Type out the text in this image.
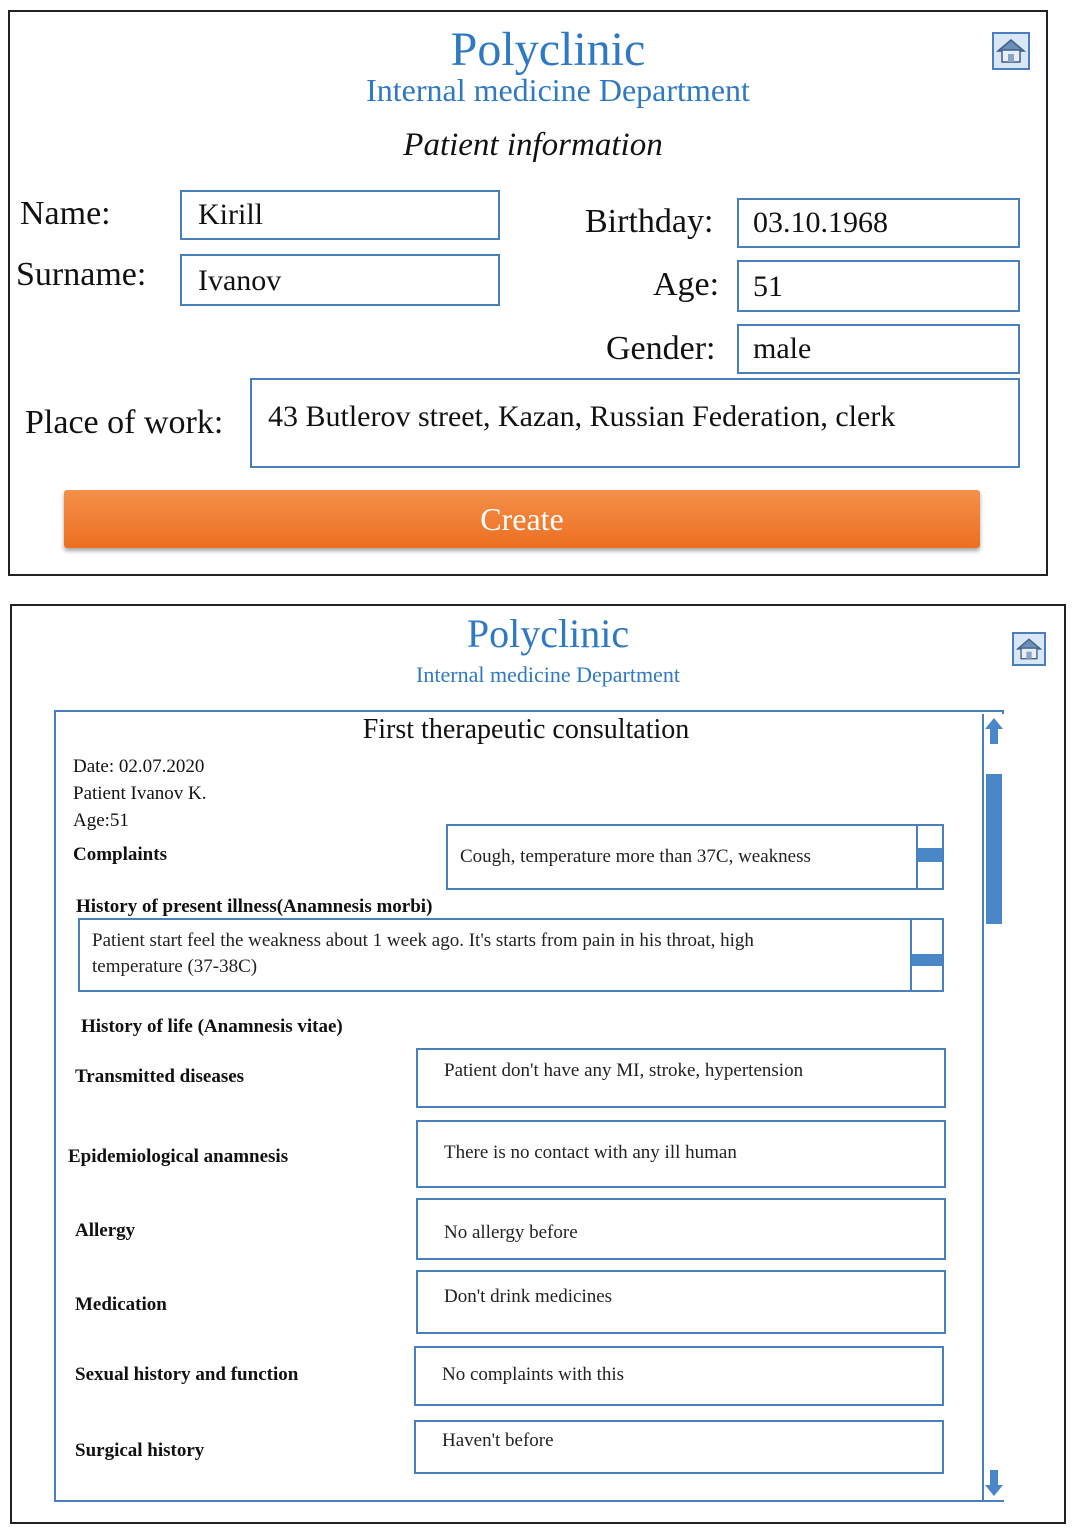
Polyclinic
Internal medicine Department
Patient information
Name:	Kirill
Surname:	Ivanov
Birthday:	03.10.1968
Age:	51
Gender:	male
Place of work:	43 Butlerov street, Kazan, Russian Federation, clerk
Create
Polyclinic
Internal medicine Department
First therapeutic consultation
Date: 02.07.2020
Patient Ivanov K.
Age:51
Complaints	Cough, temperature more than 37C, weakness
History of present illness(Anamnesis morbi)
Patient start feel the weakness about 1 week ago. It's starts from pain in his throat, high
temperature (37-38C)
History of life (Anamnesis vitae)
Transmitted diseases	Patient don't have any MI, stroke, hypertension
Epidemiological anamnesis	There is no contact with any ill human
Allergy	No allergy before
Medication	Don't drink medicines
Sexual history and function	No complaints with this
Surgical history	Haven't before
